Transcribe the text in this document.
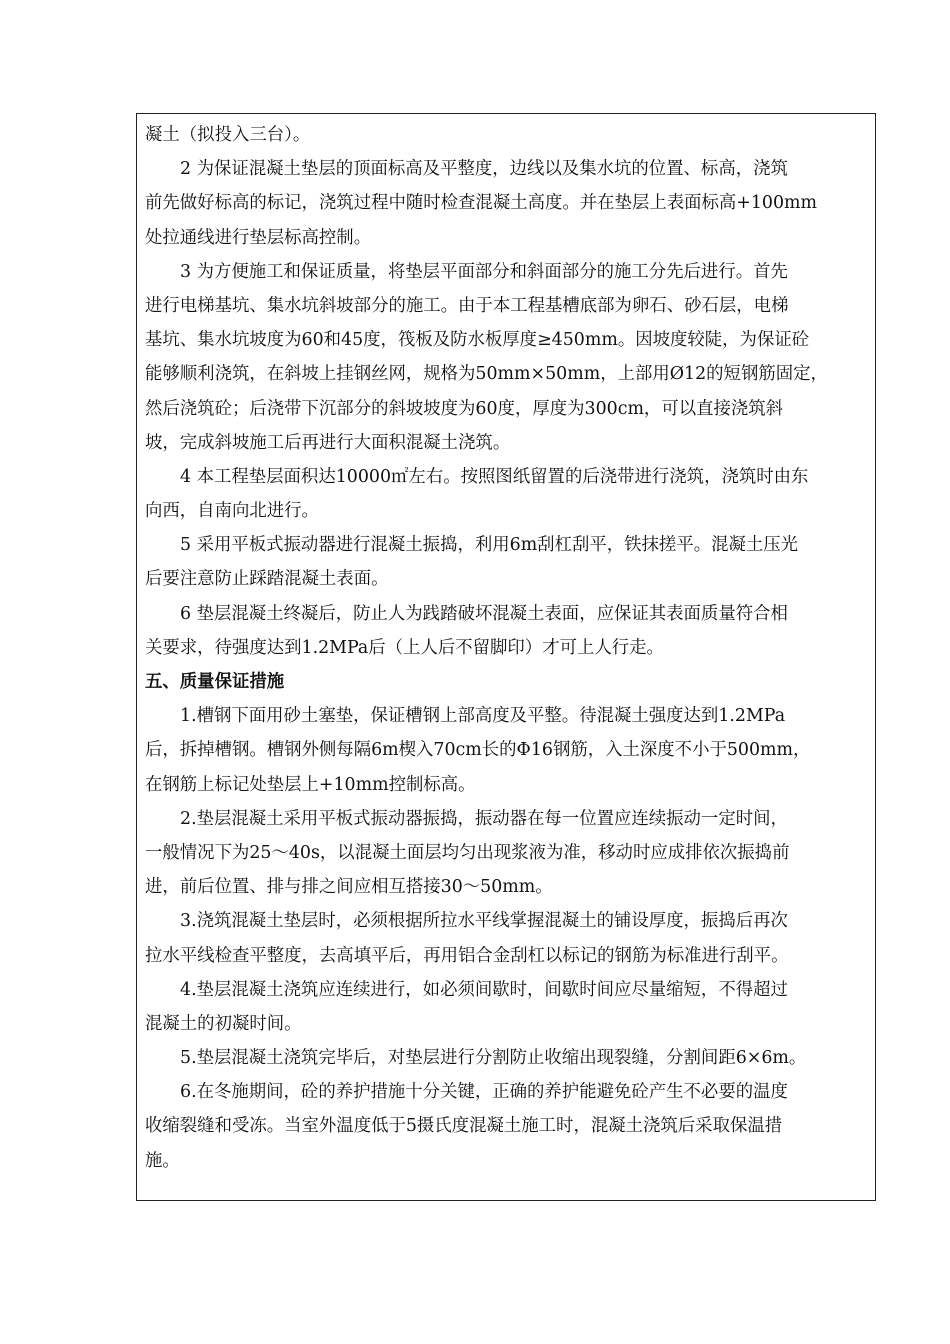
凝土（拟投入三台）。
2 为保证混凝土垫层的顶面标高及平整度，边线以及集水坑的位置、标高，浇筑
前先做好标高的标记，浇筑过程中随时检查混凝土高度。并在垫层上表面标高+100mm
处拉通线进行垫层标高控制。
3 为方便施工和保证质量，将垫层平面部分和斜面部分的施工分先后进行。首先
进行电梯基坑、集水坑斜坡部分的施工。由于本工程基槽底部为卵石、砂石层，电梯
基坑、集水坑坡度为60和45度，筏板及防水板厚度≥450mm。因坡度较陡，为保证砼
能够顺利浇筑，在斜坡上挂钢丝网，规格为50mm×50mm，上部用Ø12的短钢筋固定，
然后浇筑砼；后浇带下沉部分的斜坡坡度为60度，厚度为300cm，可以直接浇筑斜
坡，完成斜坡施工后再进行大面积混凝土浇筑。
4 本工程垫层面积达10000㎡左右。按照图纸留置的后浇带进行浇筑，浇筑时由东
向西，自南向北进行。
5 采用平板式振动器进行混凝土振捣，利用6m刮杠刮平，铁抹搓平。混凝土压光
后要注意防止踩踏混凝土表面。
6 垫层混凝土终凝后，防止人为践踏破坏混凝土表面，应保证其表面质量符合相
关要求，待强度达到1.2MPa后（上人后不留脚印）才可上人行走。
五、质量保证措施
1.槽钢下面用砂土塞垫，保证槽钢上部高度及平整。待混凝土强度达到1.2MPa
后，拆掉槽钢。槽钢外侧每隔6m楔入70cm长的Φ16钢筋，入土深度不小于500mm，
在钢筋上标记处垫层上+10mm控制标高。
2.垫层混凝土采用平板式振动器振捣，振动器在每一位置应连续振动一定时间，
一般情况下为25～40s，以混凝土面层均匀出现浆液为准，移动时应成排依次振捣前
进，前后位置、排与排之间应相互搭接30～50mm。
3.浇筑混凝土垫层时，必须根据所拉水平线掌握混凝土的铺设厚度，振捣后再次
拉水平线检查平整度，去高填平后，再用铝合金刮杠以标记的钢筋为标准进行刮平。
4.垫层混凝土浇筑应连续进行，如必须间歇时，间歇时间应尽量缩短，不得超过
混凝土的初凝时间。
5.垫层混凝土浇筑完毕后，对垫层进行分割防止收缩出现裂缝，分割间距6×6m。
6.在冬施期间，砼的养护措施十分关键，正确的养护能避免砼产生不必要的温度
收缩裂缝和受冻。当室外温度低于5摄氏度混凝土施工时，混凝土浇筑后采取保温措
施。
